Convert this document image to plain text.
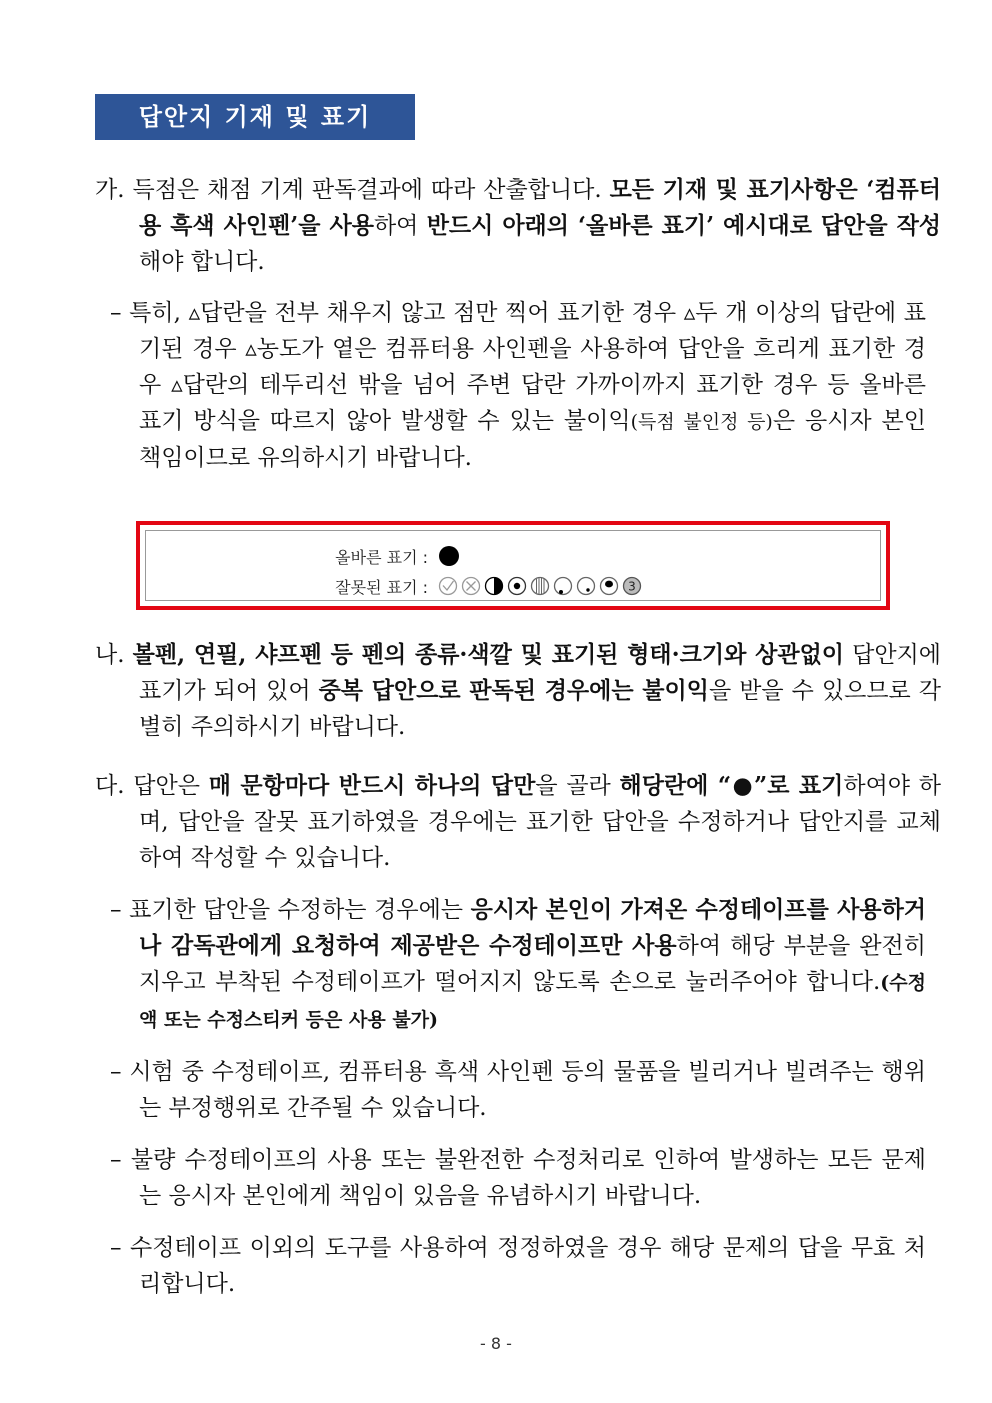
답안지 기재 및 표기
가. 득점은 채점 기계 판독결과에 따라 산출합니다. 모든 기재 및 표기사항은 ‘컴퓨터용 흑색 사인펜’을 사용하여 반드시 아래의 ‘올바른 표기’ 예시대로 답안을 작성해야 합니다.
– 특히, ▵답란을 전부 채우지 않고 점만 찍어 표기한 경우 ▵두 개 이상의 답란에 표기된 경우 ▵농도가 옅은 컴퓨터용 사인펜을 사용하여 답안을 흐리게 표기한 경우 ▵답란의 테두리선 밖을 넘어 주변 답란 가까이까지 표기한 경우 등 올바른 표기 방식을 따르지 않아 발생할 수 있는 불이익(득점 불인정 등)은 응시자 본인 책임이므로 유의하시기 바랍니다.
올바른 표기 :
잘못된 표기 :	3
나. 볼펜, 연필, 샤프펜 등 펜의 종류·색깔 및 표기된 형태·크기와 상관없이 답안지에 표기가 되어 있어 중복 답안으로 판독된 경우에는 불이익을 받을 수 있으므로 각별히 주의하시기 바랍니다.
다. 답안은 매 문항마다 반드시 하나의 답만을 골라 해당란에 “●”로 표기하여야 하며, 답안을 잘못 표기하였을 경우에는 표기한 답안을 수정하거나 답안지를 교체하여 작성할 수 있습니다.
– 표기한 답안을 수정하는 경우에는 응시자 본인이 가져온 수정테이프를 사용하거나 감독관에게 요청하여 제공받은 수정테이프만 사용하여 해당 부분을 완전히 지우고 부착된 수정테이프가 떨어지지 않도록 손으로 눌러주어야 합니다.(수정액 또는 수정스티커 등은 사용 불가)
– 시험 중 수정테이프, 컴퓨터용 흑색 사인펜 등의 물품을 빌리거나 빌려주는 행위는 부정행위로 간주될 수 있습니다.
– 불량 수정테이프의 사용 또는 불완전한 수정처리로 인하여 발생하는 모든 문제는 응시자 본인에게 책임이 있음을 유념하시기 바랍니다.
– 수정테이프 이외의 도구를 사용하여 정정하였을 경우 해당 문제의 답을 무효 처리합니다.
- 8 -
